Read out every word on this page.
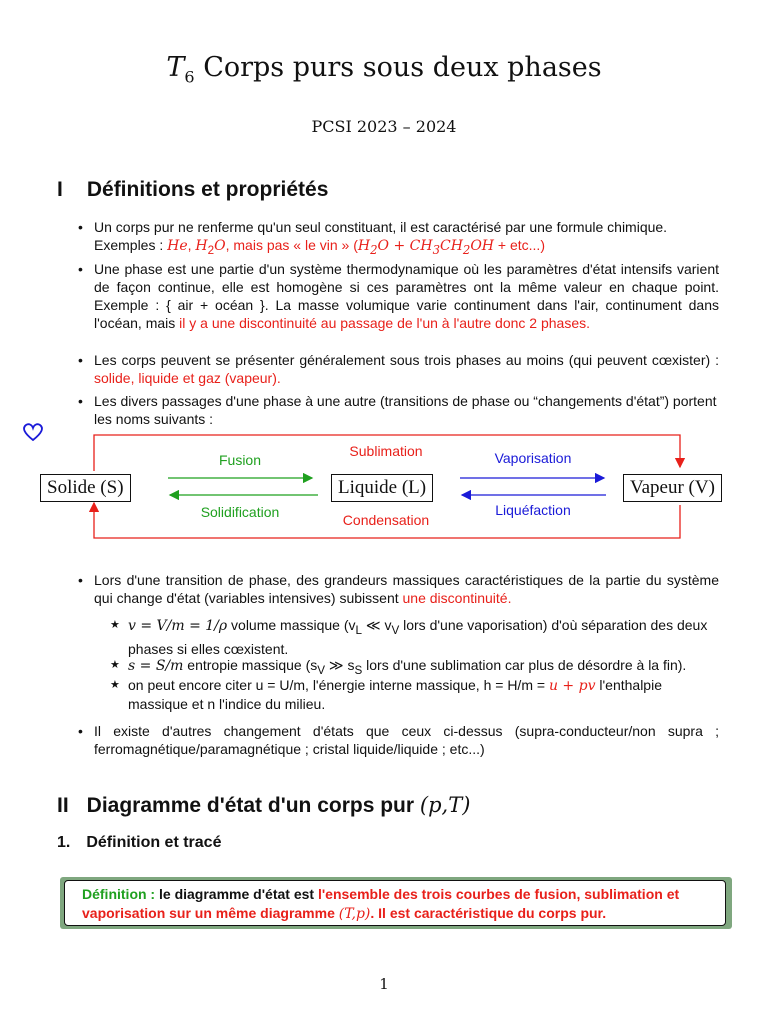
$T_6$ Corps purs sous deux phases
PCSI 2023 – 2024
I Définitions et propriétés
• Un corps pur ne renferme qu'un seul constituant, il est caractérisé par une formule chimique.
Exemples : He, $H_2O$, mais pas « le vin » $(H_2O + CH_3CH_2OH + etc...)$
• Une phase est une partie d'un système thermodynamique où les paramètres d'état intensifs varient de façon continue, elle est homogène si ces paramètres ont la même valeur en chaque point. Exemple : { air + océan }. La masse volumique varie continument dans l'air, continument dans l'océan, mais il y a une discontinuité au passage de l'un à l'autre donc 2 phases.
• Les corps peuvent se présenter généralement sous trois phases au moins (qui peuvent cœxister) : solide, liquide et gaz (vapeur).
• Les divers passages d'une phase à une autre (transitions de phase ou “changements d'état”) portent les noms suivants :
Solide (S)	Liquide (L)	Vapeur (V)
Fusion
Solidification
Sublimation
Condensation
Vaporisation
Liquéfaction
• Lors d'une transition de phase, des grandeurs massiques caractéristiques de la partie du système qui change d'état (variables intensives) subissent une discontinuité.
★ v = V/m = 1/ρ volume massique ($v_L$ ≪ $v_V$ lors d'une vaporisation) d'où séparation des deux phases si elles cœxistent.
★ s = S/m entropie massique ($s_V$ ≫ $s_S$ lors d'une sublimation car plus de désordre à la fin).
★ on peut encore citer u = U/m, l'énergie interne massique, h = H/m = u + pv l'enthalpie massique et n l'indice du milieu.
• Il existe d'autres changement d'états que ceux ci-dessus (supra-conducteur/non supra ; ferromagnétique/paramagnétique ; cristal liquide/liquide ; etc...)
II Diagramme d'état d'un corps pur (p,T)
1. Définition et tracé
Définition : le diagramme d'état est l'ensemble des trois courbes de fusion, sublimation et vaporisation sur un même diagramme (T,p). Il est caractéristique du corps pur.
1
